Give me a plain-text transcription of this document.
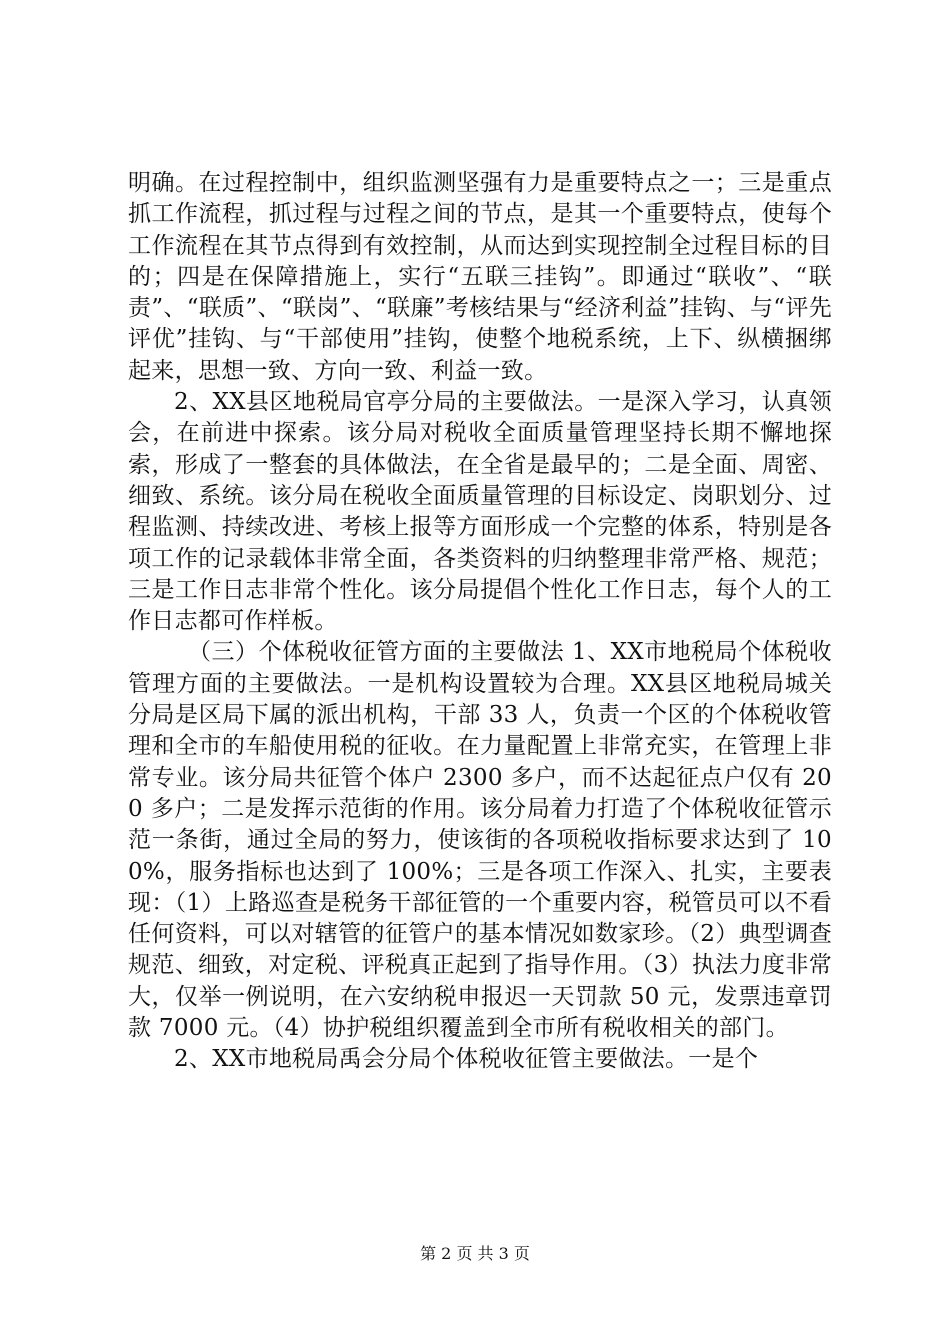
明确。在过程控制中，组织监测坚强有力是重要特点之一；三是重点抓工作流程，抓过程与过程之间的节点，是其一个重要特点，使每个工作流程在其节点得到有效控制，从而达到实现控制全过程目标的目的；四是在保障措施上，实行“五联三挂钩”。即通过“联收”、“联责”、“联质”、“联岗”、“联廉”考核结果与“经济利益”挂钩、与“评先评优”挂钩、与“干部使用”挂钩，使整个地税系统，上下、纵横捆绑起来，思想一致、方向一致、利益一致。

2、XX县区地税局官亭分局的主要做法。一是深入学习，认真领会，在前进中探索。该分局对税收全面质量管理坚持长期不懈地探索，形成了一整套的具体做法，在全省是最早的；二是全面、周密、细致、系统。该分局在税收全面质量管理的目标设定、岗职划分、过程监测、持续改进、考核上报等方面形成一个完整的体系，特别是各项工作的记录载体非常全面，各类资料的归纳整理非常严格、规范；三是工作日志非常个性化。该分局提倡个性化工作日志，每个人的工作日志都可作样板。

（三）个体税收征管方面的主要做法 1、XX市地税局个体税收管理方面的主要做法。一是机构设置较为合理。XX县区地税局城关分局是区局下属的派出机构，干部 33 人，负责一个区的个体税收管理和全市的车船使用税的征收。在力量配置上非常充实，在管理上非常专业。该分局共征管个体户 2300 多户，而不达起征点户仅有 200 多户；二是发挥示范街的作用。该分局着力打造了个体税收征管示范一条街，通过全局的努力，使该街的各项税收指标要求达到了 100%，服务指标也达到了 100%；三是各项工作深入、扎实，主要表现：（1）上路巡查是税务干部征管的一个重要内容，税管员可以不看任何资料，可以对辖管的征管户的基本情况如数家珍。（2）典型调查规范、细致，对定税、评税真正起到了指导作用。（3）执法力度非常大，仅举一例说明，在六安纳税申报迟一天罚款 50 元，发票违章罚款 7000 元。（4）协护税组织覆盖到全市所有税收相关的部门。

2、XX市地税局禹会分局个体税收征管主要做法。一是个

第 2 页 共 3 页
